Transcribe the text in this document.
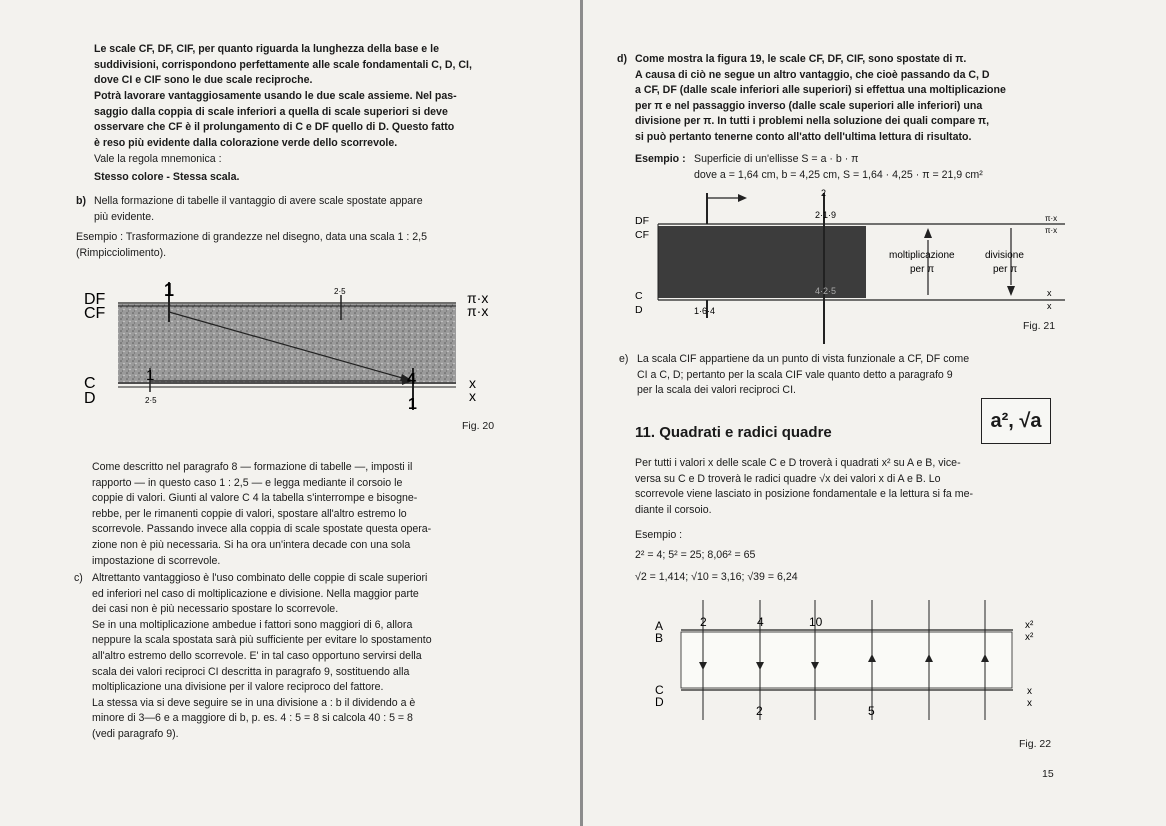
Le scale CF, DF, CIF, per quanto riguarda la lunghezza della base e le
suddivisioni, corrispondono perfettamente alle scale fondamentali C, D, CI,
dove CI e CIF sono le due scale reciproche.
Potrà lavorare vantaggiosamente usando le due scale assieme. Nel pas-
saggio dalla coppia di scale inferiori a quella di scale superiori si deve
osservare che CF è il prolungamento di C e DF quello di D. Questo fatto
è reso più evidente dalla colorazione verde dello scorrevole.
Vale la regola mnemonica :
Stesso colore - Stessa scala.
b) Nella formazione di tabelle il vantaggio di avere scale spostate appare
più evidente.
Esempio : Trasformazione di grandezze nel disegno, data una scala 1 : 2,5
(Rimpicciolimento).
DF
CF
C
D
π·x
π·x
x
x
1	2·5
1
2·5
4
1
Fig. 20
Come descritto nel paragrafo 8 — formazione di tabelle —, imposti il
rapporto — in questo caso 1 : 2,5 — e legga mediante il corsoio le
coppie di valori. Giunti al valore C 4 la tabella s'interrompe e bisogne-
rebbe, per le rimanenti coppie di valori, spostare all'altro estremo lo
scorrevole. Passando invece alla coppia di scale spostate questa opera-
zione non è più necessaria. Si ha ora un'intera decade con una sola
impostazione di scorrevole.
c) Altrettanto vantaggioso è l'uso combinato delle coppie di scale superiori
ed inferiori nel caso di moltiplicazione e divisione. Nella maggior parte
dei casi non è più necessario spostare lo scorrevole.
Se in una moltiplicazione ambedue i fattori sono maggiori di 6, allora
neppure la scala spostata sarà più sufficiente per evitare lo spostamento
all'altro estremo dello scorrevole. E' in tal caso opportuno servirsi della
scala dei valori reciproci CI descritta in paragrafo 9, sostituendo alla
moltiplicazione una divisione per il valore reciproco del fattore.
La stessa via si deve seguire se in una divisione a : b il dividendo a è
minore di 3—6 e a maggiore di b, p. es. 4 : 5 = 8 si calcola 40 : 5 = 8
(vedi paragrafo 9).
d) Come mostra la figura 19, le scale CF, DF, CIF, sono spostate di π.
A causa di ciò ne segue un altro vantaggio, che cioè passando da C, D
a CF, DF (dalle scale inferiori alle superiori) si effettua una moltiplicazione
per π e nel passaggio inverso (dalle scale superiori alle inferiori) una
divisione per π. In tutti i problemi nella soluzione dei quali compare π,
si può pertanto tenerne conto all'atto dell'ultima lettura di risultato.
Esempio : Superficie di un'ellisse S = a · b · π
dove a = 1,64 cm, b = 4,25 cm, S = 1,64 · 4,25 · π = 21,9 cm²
DF
CF
C
D
π·x
π·x
x
x
2
2·1·9
4·2·5
1·6·4
moltiplicazione
per π
divisione
per π
Fig. 21
e) La scala CIF appartiene da un punto di vista funzionale a CF, DF come
CI a C, D; pertanto per la scala CIF vale quanto detto a paragrafo 9
per la scala dei valori reciproci CI.
11. Quadrati e radici quadre
a², √a
Per tutti i valori x delle scale C e D troverà i quadrati x² su A e B, vice-
versa su C e D troverà le radici quadre √x dei valori x di A e B. Lo
scorrevole viene lasciato in posizione fondamentale e la lettura si fa me-
diante il corsoio.
Esempio :
2² = 4; 5² = 25; 8,06² = 65
√2 = 1,414; √10 = 3,16; √39 = 6,24
A
B
C
D
x²
x²
x
x
2	4	10
2	5
Fig. 22
15
